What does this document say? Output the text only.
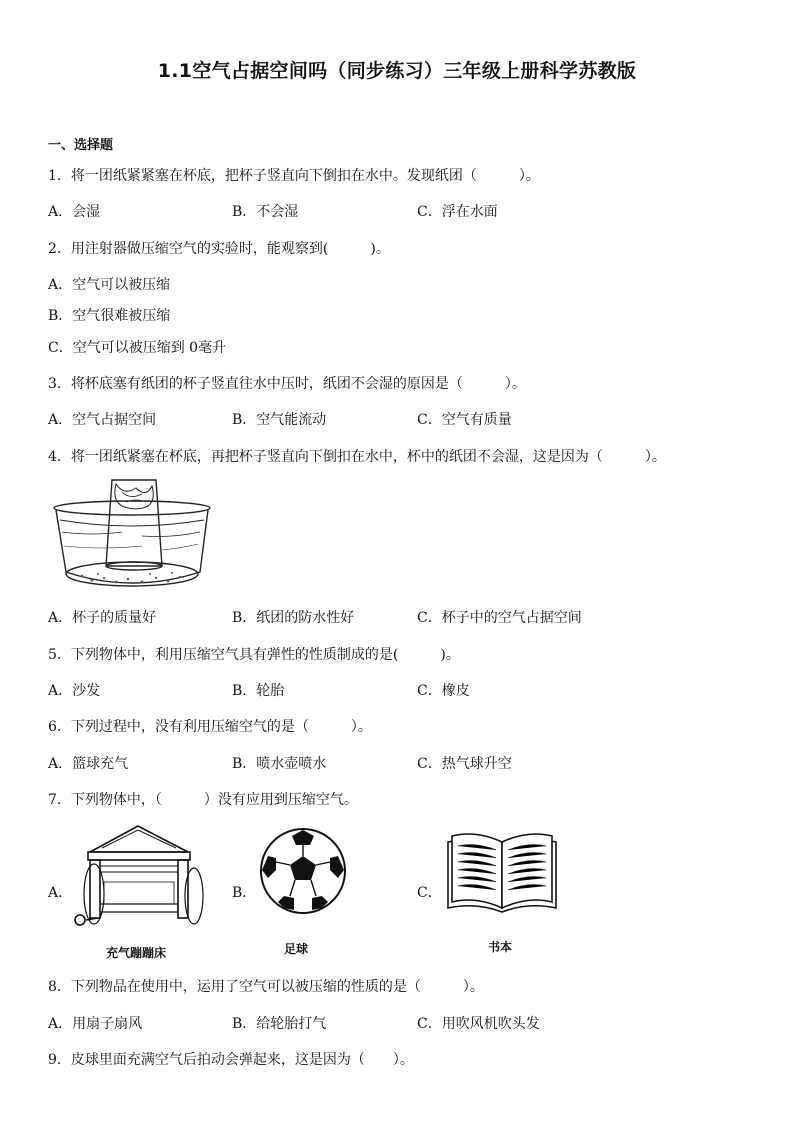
1.1空气占据空间吗（同步练习）三年级上册科学苏教版
一、选择题
1．将一团纸紧紧塞在杯底，把杯子竖直向下倒扣在水中。发现纸团（　　　）。
A．会湿	B．不会湿	C．浮在水面
2．用注射器做压缩空气的实验时，能观察到(　　　)。
A．空气可以被压缩
B．空气很难被压缩
C．空气可以被压缩到 0毫升
3．将杯底塞有纸团的杯子竖直往水中压时，纸团不会湿的原因是（　　　）。
A．空气占据空间	B．空气能流动	C．空气有质量
4．将一团纸紧塞在杯底，再把杯子竖直向下倒扣在水中，杯中的纸团不会湿，这是因为（　　　）。
A．杯子的质量好	B．纸团的防水性好	C．杯子中的空气占据空间
5．下列物体中，利用压缩空气具有弹性的性质制成的是(　　　)。
A．沙发	B．轮胎	C．橡皮
6．下列过程中，没有利用压缩空气的是（　　　）。
A．篮球充气	B．喷水壶喷水	C．热气球升空
7．下列物体中，（　　　）没有应用到压缩空气。
A．	B．	C．
充气蹦蹦床	足球	书本
8．下列物品在使用中，运用了空气可以被压缩的性质的是（　　　）。
A．用扇子扇风	B．给轮胎打气	C．用吹风机吹头发
9．皮球里面充满空气后拍动会弹起来，这是因为（　　）。
